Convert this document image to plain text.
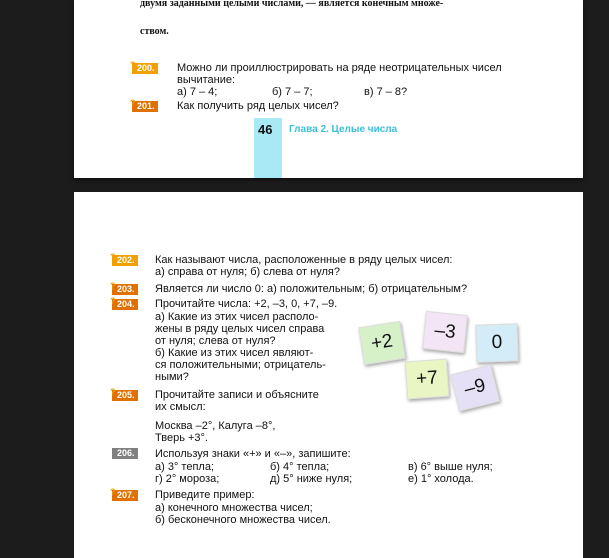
двумя заданными целыми числами, — является конечным множе-
ством.
? 200. Можно ли проиллюстрировать на ряде неотрицательных чисел
вычитание:
а) 7 – 4;	б) 7 – 7;	в) 7 – 8?
? 201. Как получить ряд целых чисел?
46 Глава 2. Целые числа
? 202. Как называют числа, расположенные в ряду целых чисел:
а) справа от нуля; б) слева от нуля?
? 203. Является ли число 0: а) положительным; б) отрицательным?
? 204. Прочитайте числа: +2, –3, 0, +7, –9.
а) Какие из этих чисел располо-
жены в ряду целых чисел справа
от нуля; слева от нуля?
б) Какие из этих чисел являют-
ся положительными; отрицатель-
ными?
? 205. Прочитайте записи и объясните
их смысл:
Москва –2°, Калуга –8°,
Тверь +3°.
206. Используя знаки «+» и «–», запишите:
а) 3° тепла;	б) 4° тепла;	в) 6° выше нуля;
г) 2° мороза;	д) 5° ниже нуля;	е) 1° холода.
? 207. Приведите пример:
а) конечного множества чисел;
б) бесконечного множества чисел.
+2 –3 0
+7 –9
